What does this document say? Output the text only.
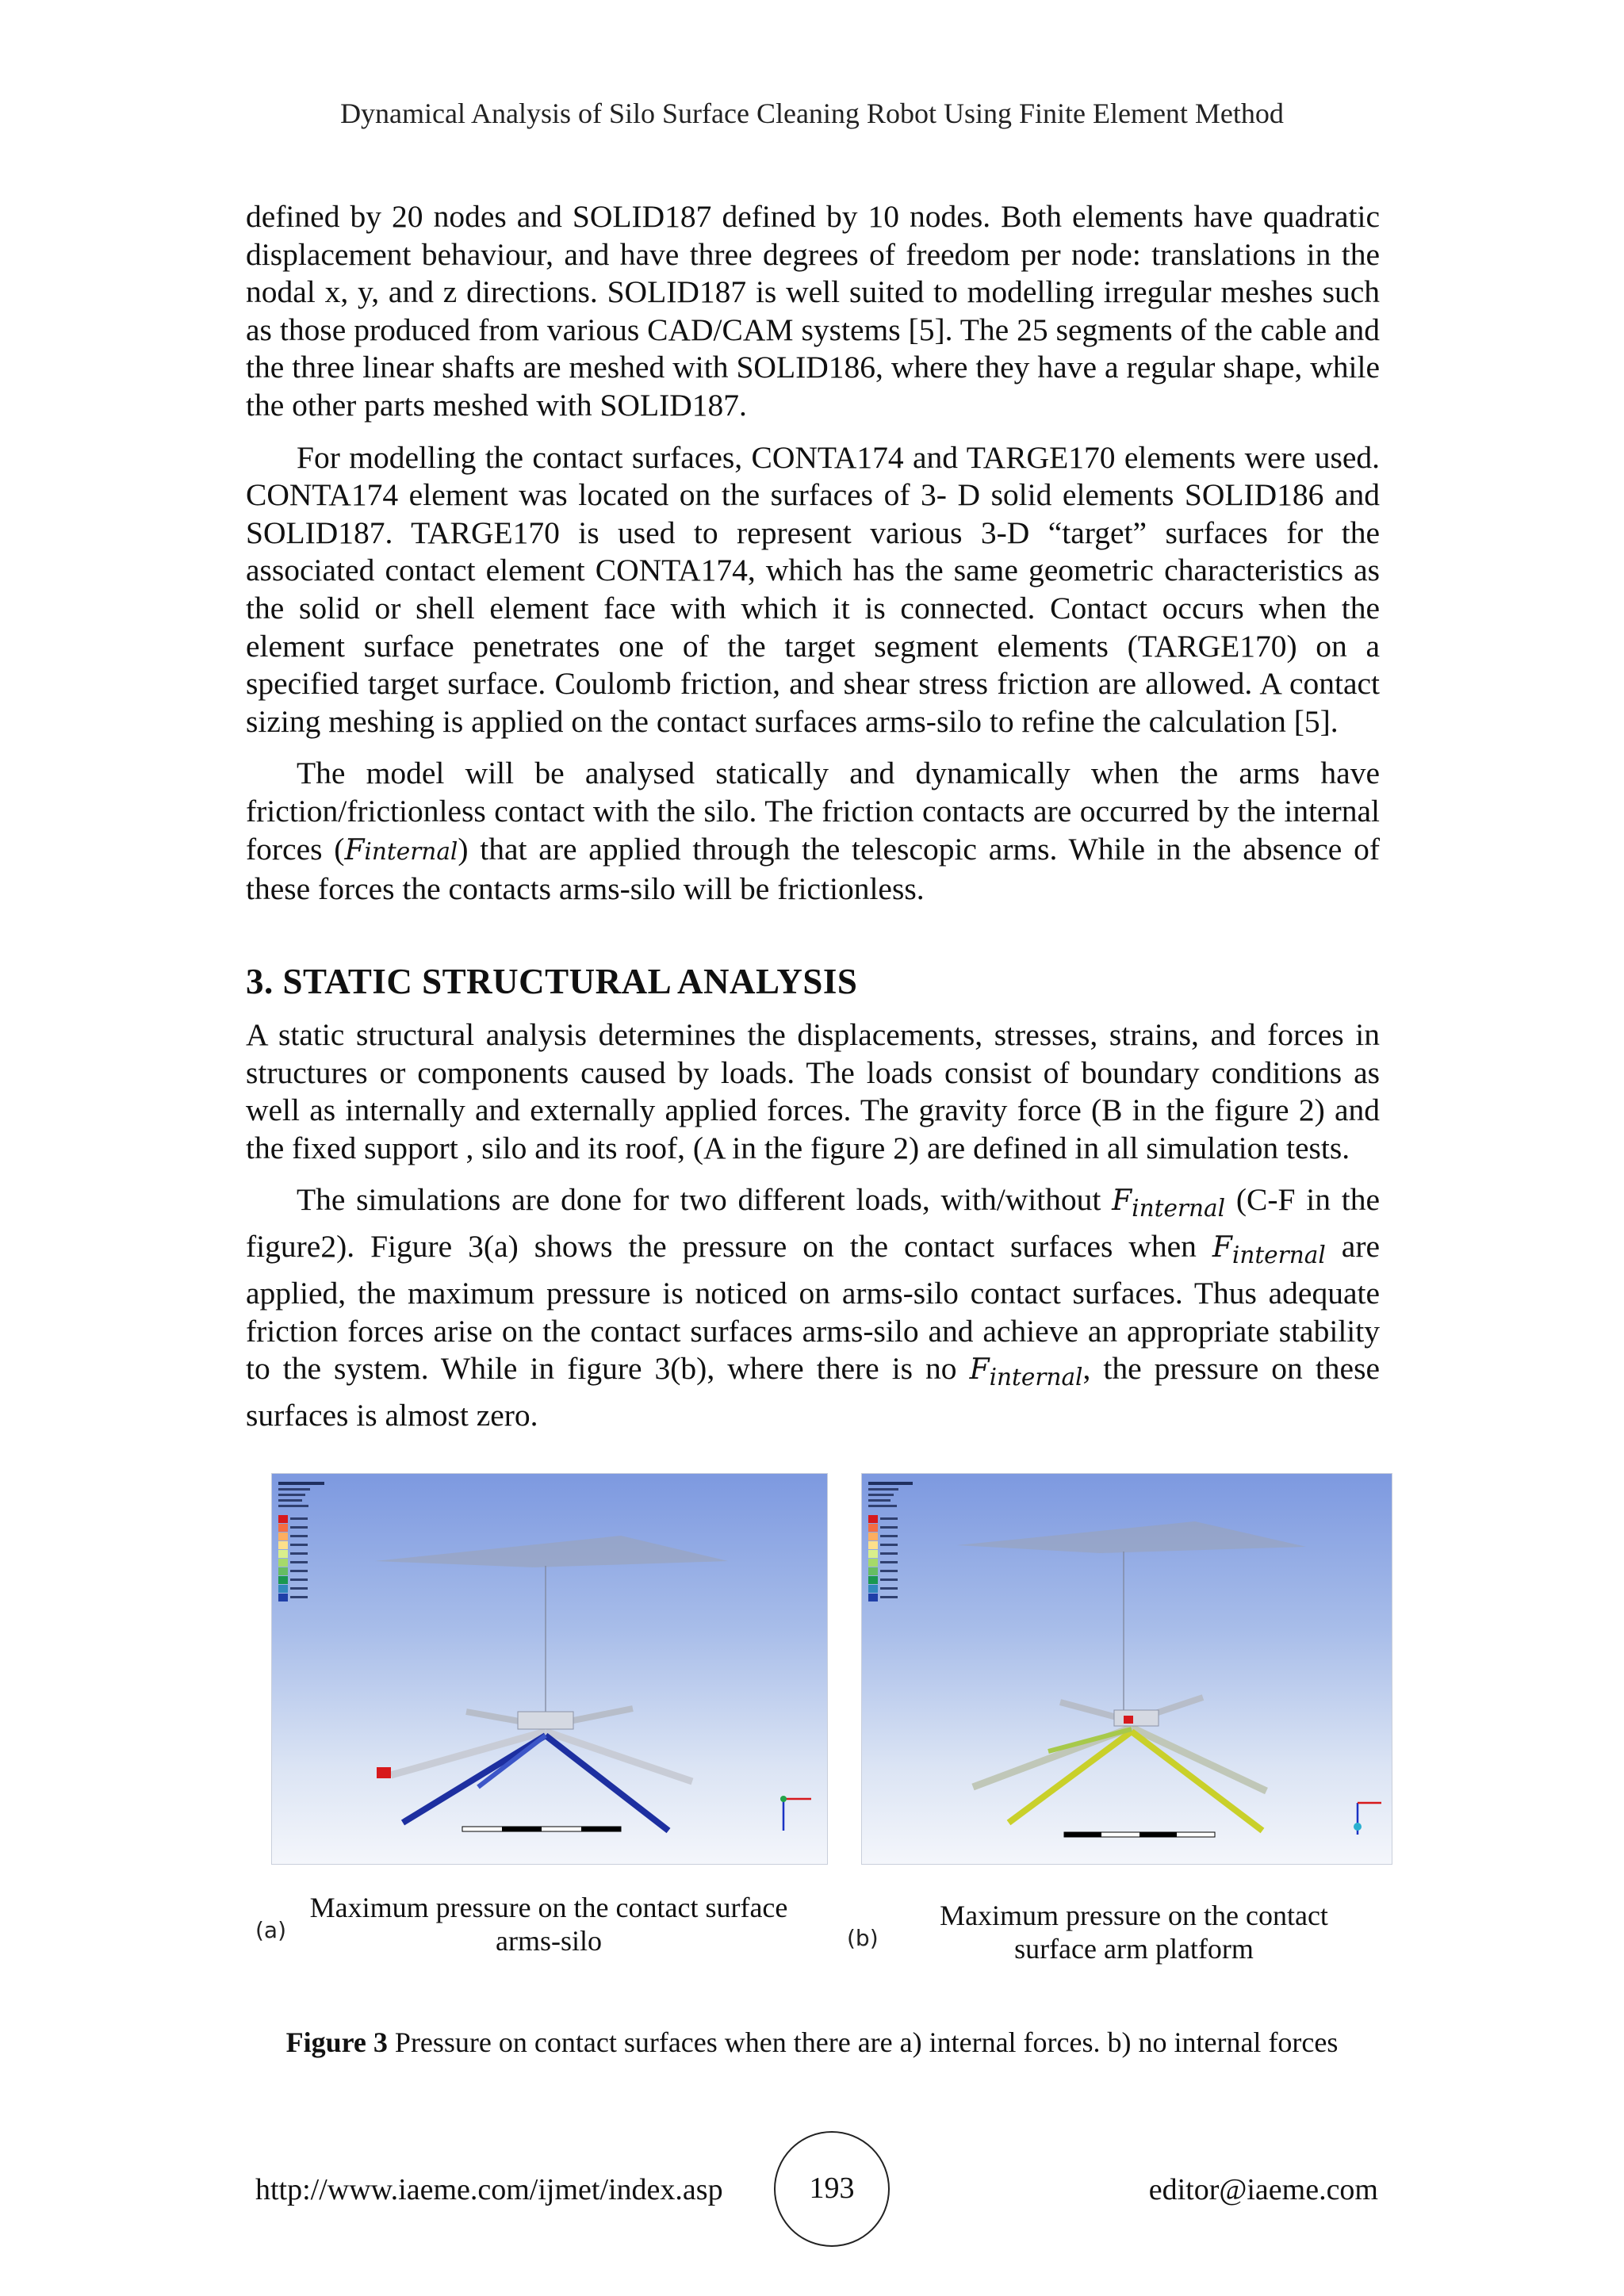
Dynamical Analysis of Silo Surface Cleaning Robot Using Finite Element Method

defined by 20 nodes and SOLID187 defined by 10 nodes. Both elements have quadratic displacement behaviour, and have three degrees of freedom per node: translations in the nodal x, y, and z directions. SOLID187 is well suited to modelling irregular meshes such as those produced from various CAD/CAM systems [5]. The 25 segments of the cable and the three linear shafts are meshed with SOLID186, where they have a regular shape, while the other parts meshed with SOLID187.

For modelling the contact surfaces, CONTA174 and TARGE170 elements were used. CONTA174 element was located on the surfaces of 3- D solid elements SOLID186 and SOLID187. TARGE170 is used to represent various 3-D “target” surfaces for the associated contact element CONTA174, which has the same geometric characteristics as the solid or shell element face with which it is connected. Contact occurs when the element surface penetrates one of the target segment elements (TARGE170) on a specified target surface. Coulomb friction, and shear stress friction are allowed. A contact sizing meshing is applied on the contact surfaces arms-silo to refine the calculation [5].

The model will be analysed statically and dynamically when the arms have friction/frictionless contact with the silo. The friction contacts are occurred by the internal forces (Finternal) that are applied through the telescopic arms. While in the absence of these forces the contacts arms-silo will be frictionless.

3. STATIC STRUCTURAL ANALYSIS

A static structural analysis determines the displacements, stresses, strains, and forces in structures or components caused by loads. The loads consist of boundary conditions as well as internally and externally applied forces. The gravity force (B in the figure 2) and the fixed support , silo and its roof, (A in the figure 2) are defined in all simulation tests.

The simulations are done for two different loads, with/without $F_{internal}$ (C-F in the figure2). Figure 3(a) shows the pressure on the contact surfaces when $F_{internal}$ are applied, the maximum pressure is noticed on arms-silo contact surfaces. Thus adequate friction forces arise on the contact surfaces arms-silo and achieve an appropriate stability to the system. While in figure 3(b), where there is no $F_{internal}$, the pressure on these surfaces is almost zero.

(a)
Maximum pressure on the contact surface
arms-silo	(b)
Maximum pressure on the contact
surface arm platform
Figure 3 Pressure on contact surfaces when there are a) internal forces. b) no internal forces
http://www.iaeme.com/ijmet/index.asp	193	editor@iaeme.com
